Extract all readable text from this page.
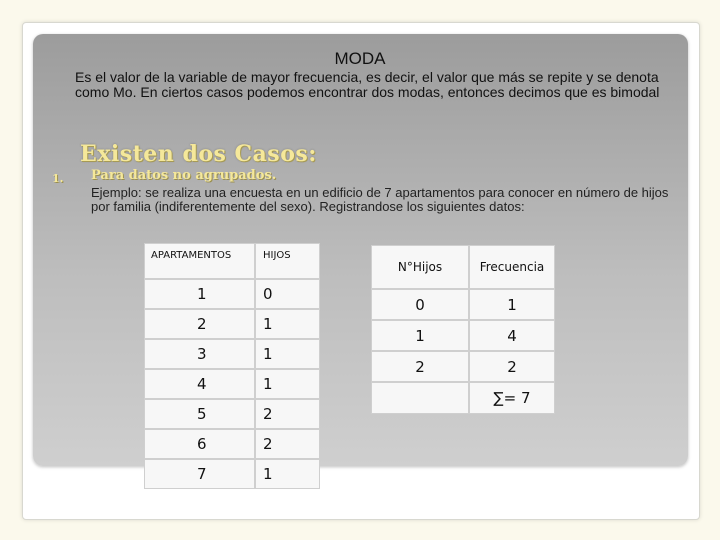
MODA

Es el valor de la variable de mayor frecuencia, es decir, el valor que más se repite y se denota como Mo. En ciertos casos podemos encontrar dos modas, entonces decimos que es bimodal

Existen dos Casos:
1. Para datos no agrupados.

Ejemplo: se realiza una encuesta en un edificio de 7 apartamentos para conocer en número de hijos por familia (indiferentemente del sexo). Registrandose los siguientes datos:

APARTAMENTOS	HIJOS
1	0
2	1
3	1
4	1
5	2
6	2
7	1
N°Hijos	Frecuencia
0	1
1	4
2	2
	∑= 7
